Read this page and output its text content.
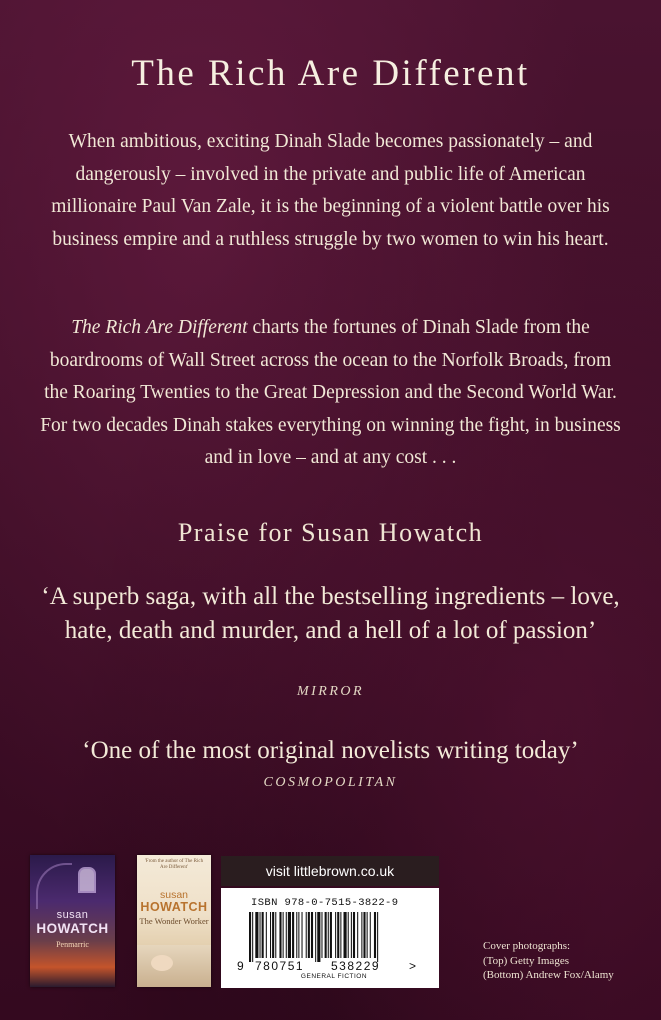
The Rich Are Different

When ambitious, exciting Dinah Slade becomes passionately – and dangerously – involved in the private and public life of American millionaire Paul Van Zale, it is the beginning of a violent battle over his business empire and a ruthless struggle by two women to win his heart.

The Rich Are Different charts the fortunes of Dinah Slade from the boardrooms of Wall Street across the ocean to the Norfolk Broads, from the Roaring Twenties to the Great Depression and the Second World War. For two decades Dinah stakes everything on winning the fight, in business and in love – and at any cost . . .

Praise for Susan Howatch

‘A superb saga, with all the bestselling ingredients – love, hate, death and murder, and a hell of a lot of passion’

MIRROR

‘One of the most original novelists writing today’

COSMOPOLITAN

susan

HOWATCH

Penmarric

'From the author of The Rich Are Different'

susan

HOWATCH

The Wonder Worker

visit littlebrown.co.uk

ISBN 978-0-7515-3822-9

9 780751 538229 >

GENERAL FICTION

Cover photographs:
(Top) Getty Images
(Bottom) Andrew Fox/Alamy
